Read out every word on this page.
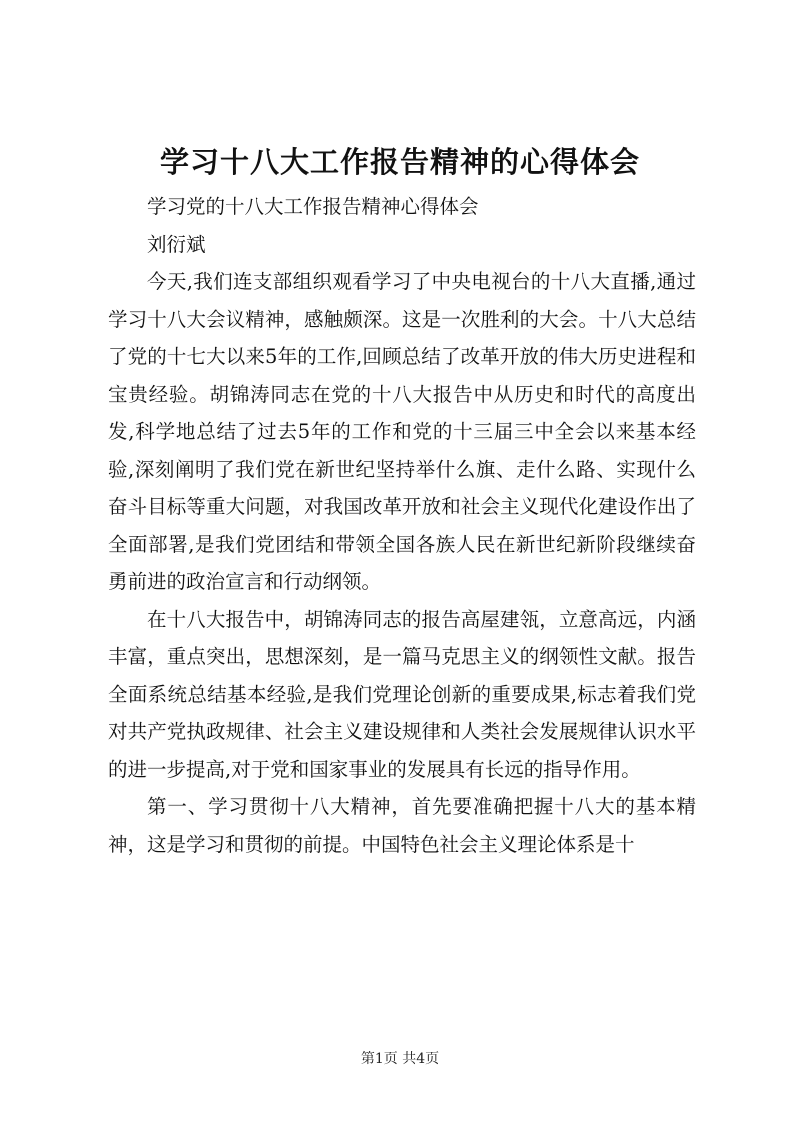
学习十八大工作报告精神的心得体会

学习党的十八大工作报告精神心得体会

刘衍斌

今天,我们连支部组织观看学习了中央电视台的十八大直播,通过学习十八大会议精神，感触颇深。这是一次胜利的大会。十八大总结了党的十七大以来5年的工作,回顾总结了改革开放的伟大历史进程和宝贵经验。胡锦涛同志在党的十八大报告中从历史和时代的高度出发,科学地总结了过去5年的工作和党的十三届三中全会以来基本经验,深刻阐明了我们党在新世纪坚持举什么旗、走什么路、实现什么奋斗目标等重大问题，对我国改革开放和社会主义现代化建设作出了全面部署,是我们党团结和带领全国各族人民在新世纪新阶段继续奋勇前进的政治宣言和行动纲领。

在十八大报告中，胡锦涛同志的报告高屋建瓴，立意高远，内涵丰富，重点突出，思想深刻，是一篇马克思主义的纲领性文献。报告全面系统总结基本经验,是我们党理论创新的重要成果,标志着我们党对共产党执政规律、社会主义建设规律和人类社会发展规律认识水平的进一步提高,对于党和国家事业的发展具有长远的指导作用。

第一、学习贯彻十八大精神，首先要准确把握十八大的基本精神，这是学习和贯彻的前提。中国特色社会主义理论体系是十

第1页 共4页
